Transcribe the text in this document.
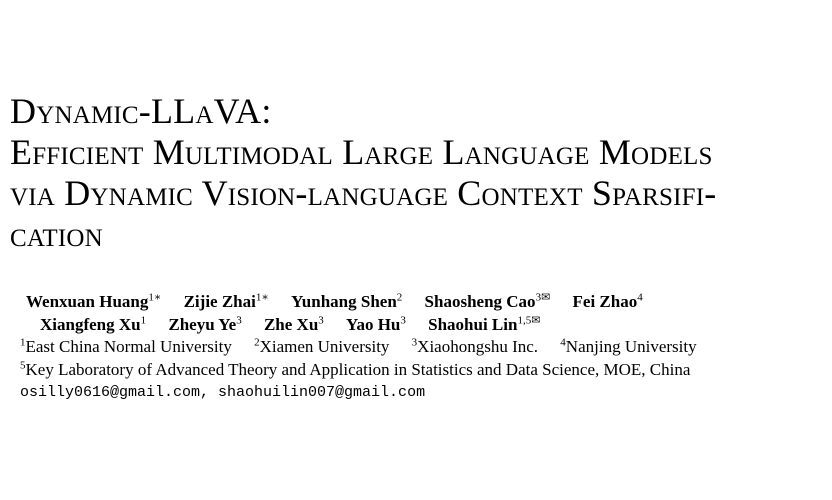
Dynamic-LLaVA:
Efficient Multimodal Large Language Models
via Dynamic Vision-language Context Sparsifi-
cation
Wenxuan Huang$^{1∗}$ Zijie Zhai$^{1∗}$ Yunhang Shen$^2$ Shaosheng Cao$^{3✉}$ Fei Zhao$^4$
Xiangfeng Xu$^1$ Zheyu Ye$^3$ Zhe Xu$^3$ Yao Hu$^3$ Shaohui Lin$^{1,5✉}$
$^1$East China Normal University $^2$Xiamen University $^3$Xiaohongshu Inc. $^4$Nanjing University
$^5$Key Laboratory of Advanced Theory and Application in Statistics and Data Science, MOE, China
osilly0616@gmail.com, shaohuilin007@gmail.com
